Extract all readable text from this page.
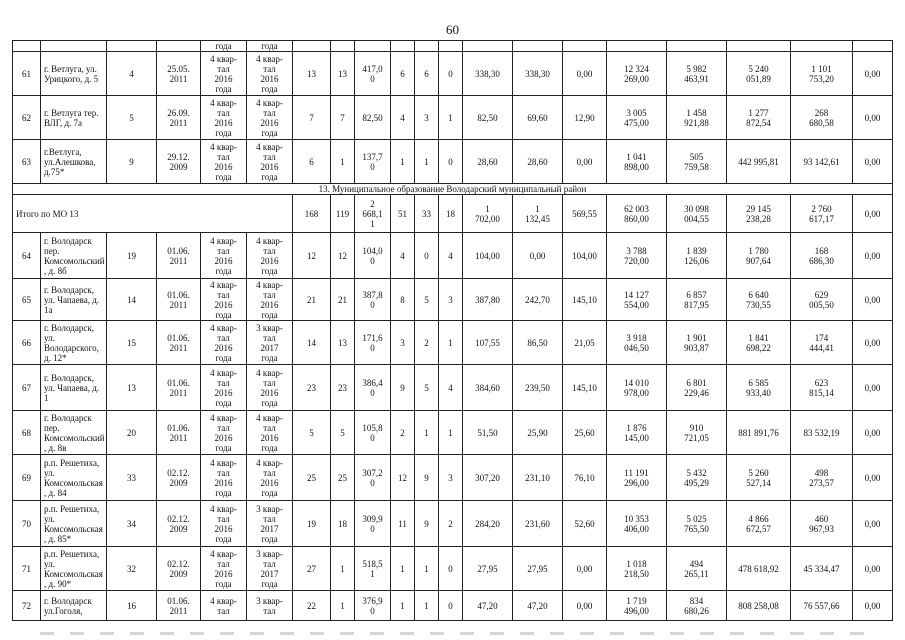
60
				года	года														
61	г. Ветлуга, ул. Урицкого, д. 5	4	25.05. 2011	4 квар-
тал
2016
года	4 квар-
тал
2016
года	13	13	417,0
0	6	6	0	338,30	338,30	0,00	12 324
269,00	5 982
463,91	5 240
051,89	1 101
753,20	0,00
62	г. Ветлуга тер. ВЛГ, д. 7а	5	26.09. 2011	4 квар-
тал
2016
года	4 квар-
тал
2016
года	7	7	82,50	4	3	1	82,50	69,60	12,90	3 005
475,00	1 458
921,88	1 277
872,54	268
680,58	0,00
63	г.Ветлуга, ул.Алешкова, д.75*	9	29.12. 2009	4 квар-
тал
2016
года	4 квар-
тал
2016
года	6	1	137,7
0	1	1	0	28,60	28,60	0,00	1 041
898,00	505
759,58	442 995,81	93 142,61	0,00
13. Муниципальное образование Володарский муниципальный район																			
Итого по МО 13						168	119	2
668,1
1	51	33	18	1
702,00	1
132,45	569,55	62 003
860,00	30 098
004,55	29 145
238,28	2 760
617,17	0,00
64	г. Володарск пер. Комсомольский, д. 8б	19	01.06. 2011	4 квар-
тал
2016
года	4 квар-
тал
2016
года	12	12	104,0
0	4	0	4	104,00	0,00	104,00	3 788
720,00	1 839
126,06	1 780
907,64	168
686,30	0,00
65	г. Володарск, ул. Чапаева, д. 1а	14	01.06. 2011	4 квар-
тал
2016
года	4 квар-
тал
2016
года	21	21	387,8
0	8	5	3	387,80	242,70	145,10	14 127
554,00	6 857
817,95	6 640
730,55	629
005,50	0,00
66	г. Володарск, ул. Володарского, д. 12*	15	01.06. 2011	4 квар-
тал
2016
года	3 квар-
тал
2017
года	14	13	171,6
0	3	2	1	107,55	86,50	21,05	3 918
046,50	1 901
903,87	1 841
698,22	174
444,41	0,00
67	г. Володарск, ул. Чапаева, д. 1	13	01.06. 2011	4 квар-
тал
2016
года	4 квар-
тал
2016
года	23	23	386,4
0	9	5	4	384,60	239,50	145,10	14 010
978,00	6 801
229,46	6 585
933,40	623
815,14	0,00
68	г. Володарск пер. Комсомольский, д. 8в	20	01.06. 2011	4 квар-
тал
2016
года	4 квар-
тал
2016
года	5	5	105,8
0	2	1	1	51,50	25,90	25,60	1 876
145,00	910
721,05	881 891,76	83 532,19	0,00
69	р.п. Решетиха, ул. Комсомольская, д. 84	33	02.12. 2009	4 квар-
тал
2016
года	4 квар-
тал
2016
года	25	25	307,2
0	12	9	3	307,20	231,10	76,10	11 191
296,00	5 432
495,29	5 260
527,14	498
273,57	0,00
70	р.п. Решетиха, ул. Комсомольская, д. 85*	34	02.12. 2009	4 квар-
тал
2016
года	3 квар-
тал
2017
года	19	18	309,9
0	11	9	2	284,20	231,60	52,60	10 353
406,00	5 025
765,50	4 866
672,57	460
967,93	0,00
71	р.п. Решетиха, ул. Комсомольская, д. 90*	32	02.12. 2009	4 квар-
тал
2016
года	3 квар-
тал
2017
года	27	1	518,5
1	1	1	0	27,95	27,95	0,00	1 018
218,50	494
265,11	478 618,92	45 334,47	0,00
72	г. Володарск ул.Гоголя,	16	01.06. 2011	4 квар-
тал	3 квар-
тал	22	1	376,9
0	1	1	0	47,20	47,20	0,00	1 719
496,00	834
680,26	808 258,08	76 557,66	0,00
